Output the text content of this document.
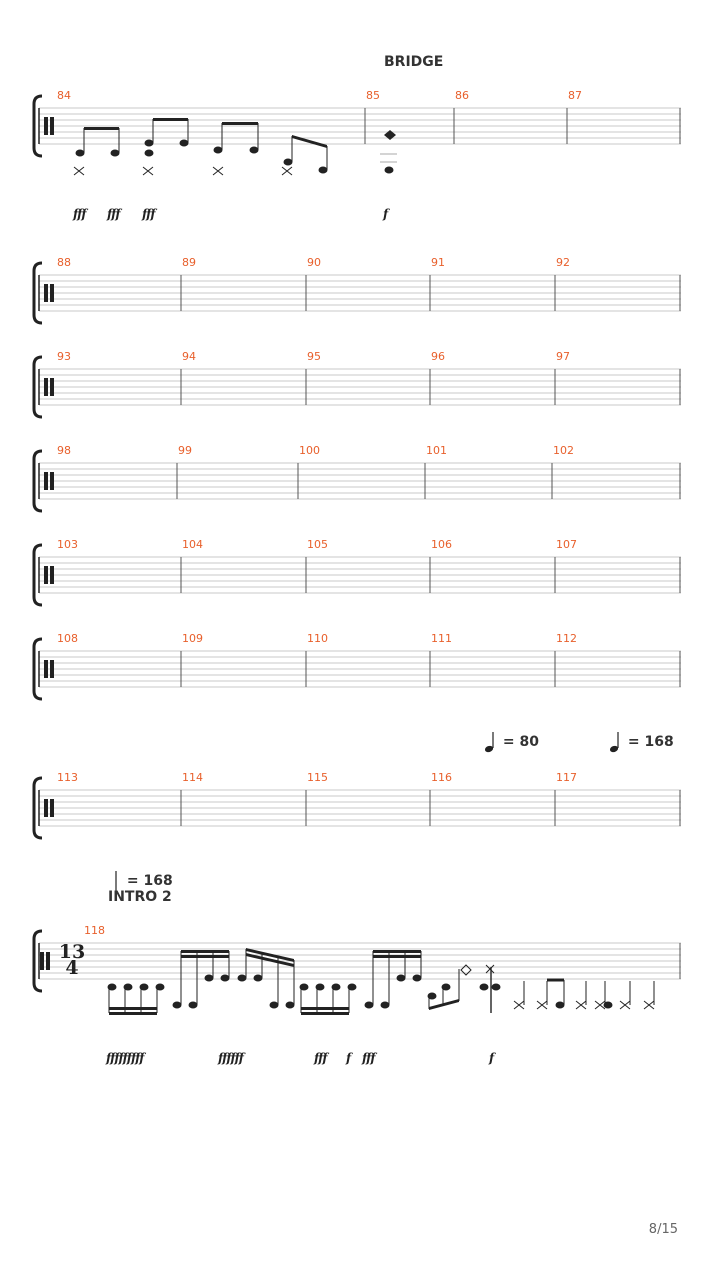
BRIDGE
= 80	= 168
= 168
INTRO 2
84	85	86	87
fff fff fff	f
88	89	90	91	92
93	94	95	96	97
98	99	100	101	102
103	104	105	106	107
108	109	110	111	112
113	114	115	116	117
118
13
4
fffffffff	ffffff	fff f fff	f
8/15
